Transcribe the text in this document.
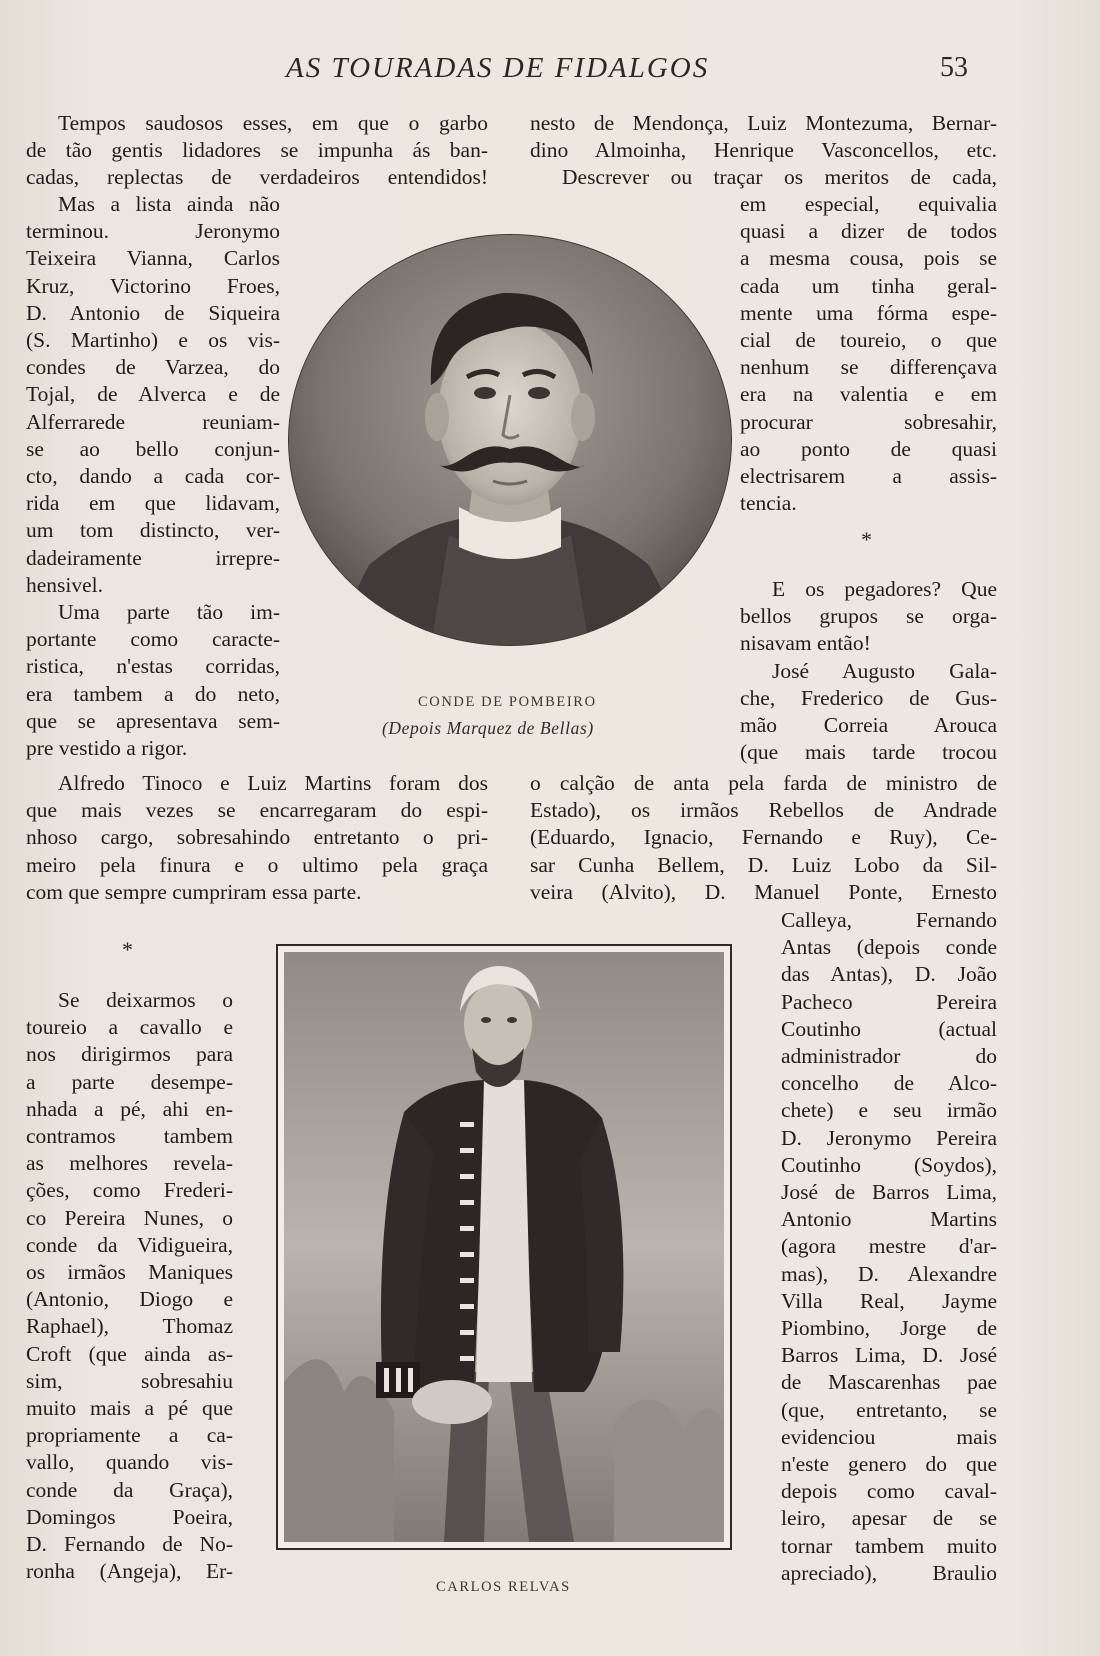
AS TOURADAS DE FIDALGOS	53
Tempos saudosos esses, em que o garbo
de tão gentis lidadores se impunha ás ban-
cadas, replectas de verdadeiros entendidos!
nesto de Mendonça, Luiz Montezuma, Bernar-
dino Almoinha, Henrique Vasconcellos, etc.
Descrever ou traçar os meritos de cada,
Mas a lista ainda não
terminou. Jeronymo
Teixeira Vianna, Carlos
Kruz, Victorino Froes,
D. Antonio de Siqueira
(S. Martinho) e os vis-
condes de Varzea, do
Tojal, de Alverca e de
Alferrarede reuniam-
se ao bello conjun-
cto, dando a cada cor-
rida em que lidavam,
um tom distincto, ver-
dadeiramente irrepre-
hensivel.
Uma parte tão im-
portante como caracte-
ristica, n'estas corridas,
era tambem a do neto,
que se apresentava sem-
pre vestido a rigor.
em especial, equivalia
quasi a dizer de todos
a mesma cousa, pois se
cada um tinha geral-
mente uma fórma espe-
cial de toureio, o que
nenhum se differençava
era na valentia e em
procurar sobresahir,
ao ponto de quasi
electrisarem a assis-
tencia.
*
E os pegadores? Que
bellos grupos se orga-
nisavam então!
José Augusto Gala-
che, Frederico de Gus-
mão Correia Arouca
(que mais tarde trocou
CONDE DE POMBEIRO
(Depois Marquez de Bellas)
Alfredo Tinoco e Luiz Martins foram dos
que mais vezes se encarregaram do espi-
nhoso cargo, sobresahindo entretanto o pri-
meiro pela finura e o ultimo pela graça
com que sempre cumpriram essa parte.
o calção de anta pela farda de ministro de
Estado), os irmãos Rebellos de Andrade
(Eduardo, Ignacio, Fernando e Ruy), Ce-
sar Cunha Bellem, D. Luiz Lobo da Sil-
veira (Alvito), D. Manuel Ponte, Ernesto
*
Se deixarmos o
toureio a cavallo e
nos dirigirmos para
a parte desempe-
nhada a pé, ahi en-
contramos tambem
as melhores revela-
ções, como Frederi-
co Pereira Nunes, o
conde da Vidigueira,
os irmãos Maniques
(Antonio, Diogo e
Raphael), Thomaz
Croft (que ainda as-
sim, sobresahiu
muito mais a pé que
propriamente a ca-
vallo, quando vis-
conde da Graça),
Domingos Poeira,
D. Fernando de No-
ronha (Angeja), Er-
CARLOS RELVAS
Calleya, Fernando
Antas (depois conde
das Antas), D. João
Pacheco Pereira
Coutinho (actual
administrador do
concelho de Alco-
chete) e seu irmão
D. Jeronymo Pereira
Coutinho (Soydos),
José de Barros Lima,
Antonio Martins
(agora mestre d'ar-
mas), D. Alexandre
Villa Real, Jayme
Piombino, Jorge de
Barros Lima, D. José
de Mascarenhas pae
(que, entretanto, se
evidenciou mais
n'este genero do que
depois como caval-
leiro, apesar de se
tornar tambem muito
apreciado), Braulio
